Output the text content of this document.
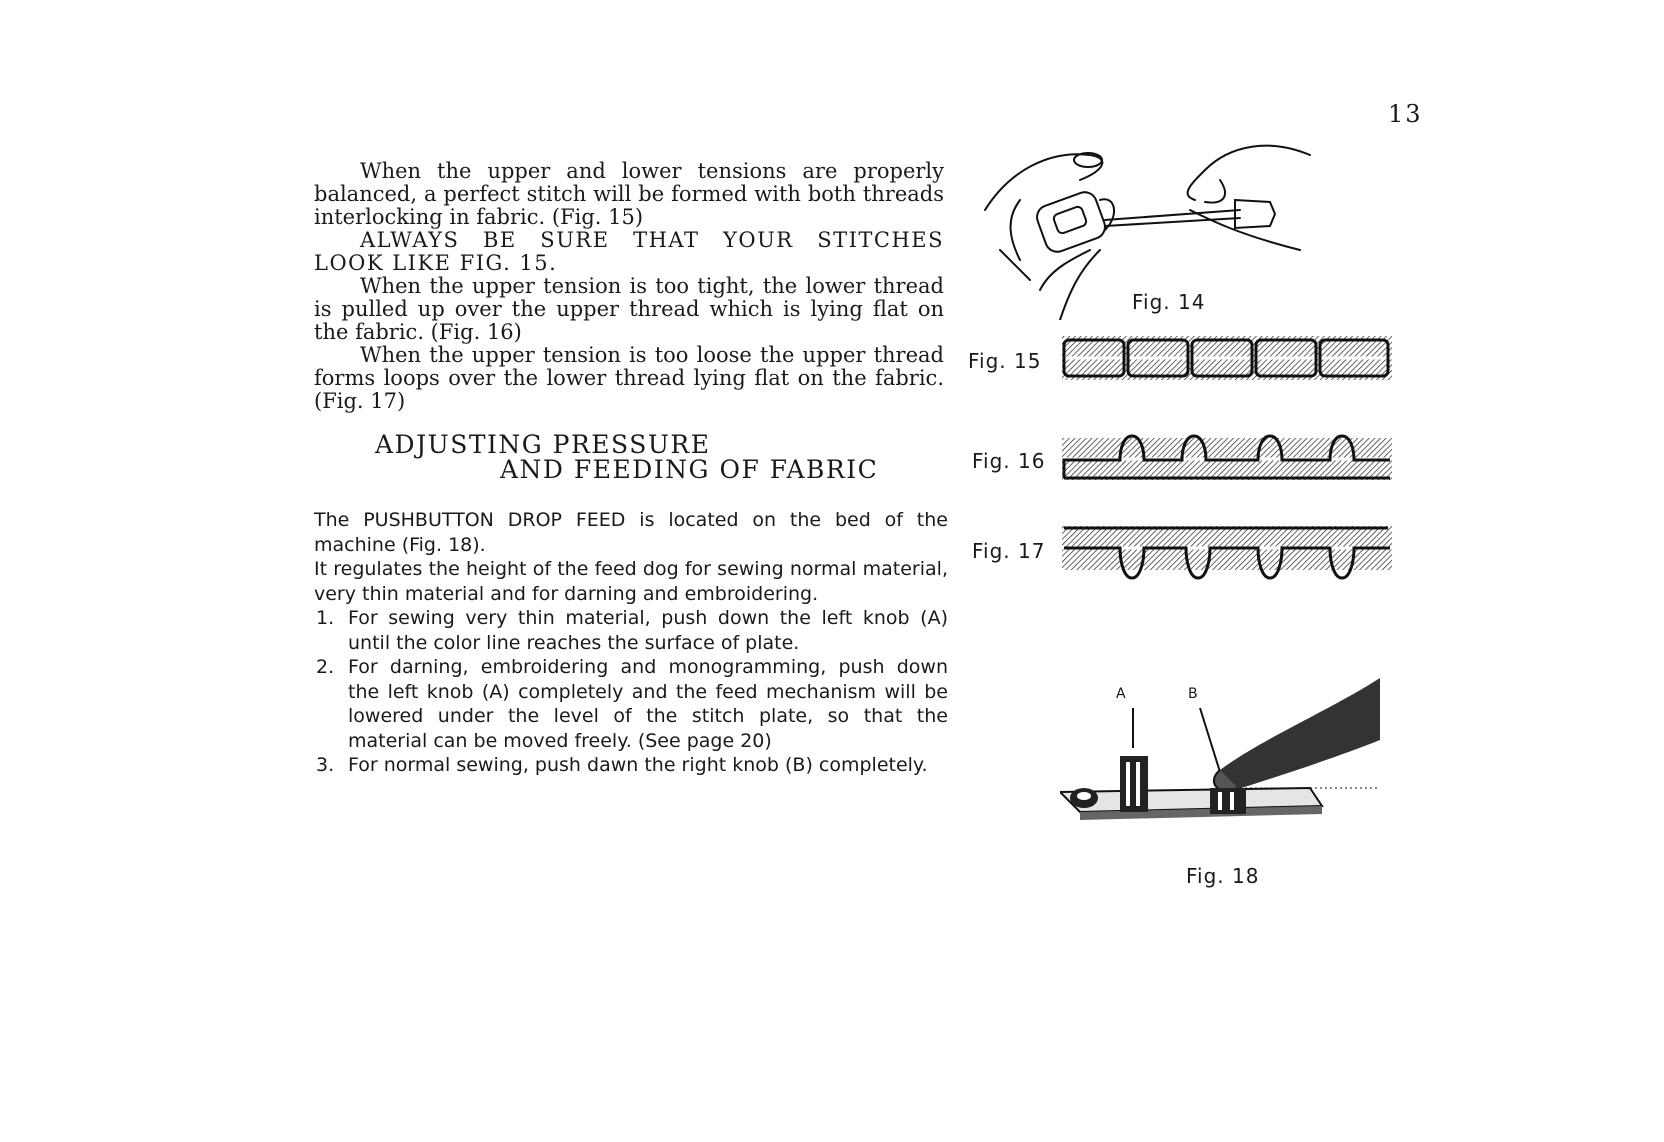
13

When the upper and lower tensions are properly balanced, a perfect stitch will be formed with both threads interlocking in fabric. (Fig. 15)

ALWAYS BE SURE THAT YOUR STITCHES LOOK LIKE FIG. 15.

When the upper tension is too tight, the lower thread is pulled up over the upper thread which is lying flat on the fabric. (Fig. 16)

When the upper tension is too loose the upper thread forms loops over the lower thread lying flat on the fabric. (Fig. 17)

ADJUSTING PRESSURE
AND FEEDING OF FABRIC

The PUSHBUTTON DROP FEED is located on the bed of the machine (Fig. 18).

It regulates the height of the feed dog for sewing normal material, very thin material and for darning and embroidering.

1. For sewing very thin material, push down the left knob (A) until the color line reaches the surface of plate.
2. For darning, embroidering and monogramming, push down the left knob (A) completely and the feed mechanism will be lowered under the level of the stitch plate, so that the material can be moved freely. (See page 20)
3. For normal sewing, push dawn the right knob (B) completely.
Fig. 14
Fig. 15
Fig. 16
Fig. 17
A	B
Fig. 18
